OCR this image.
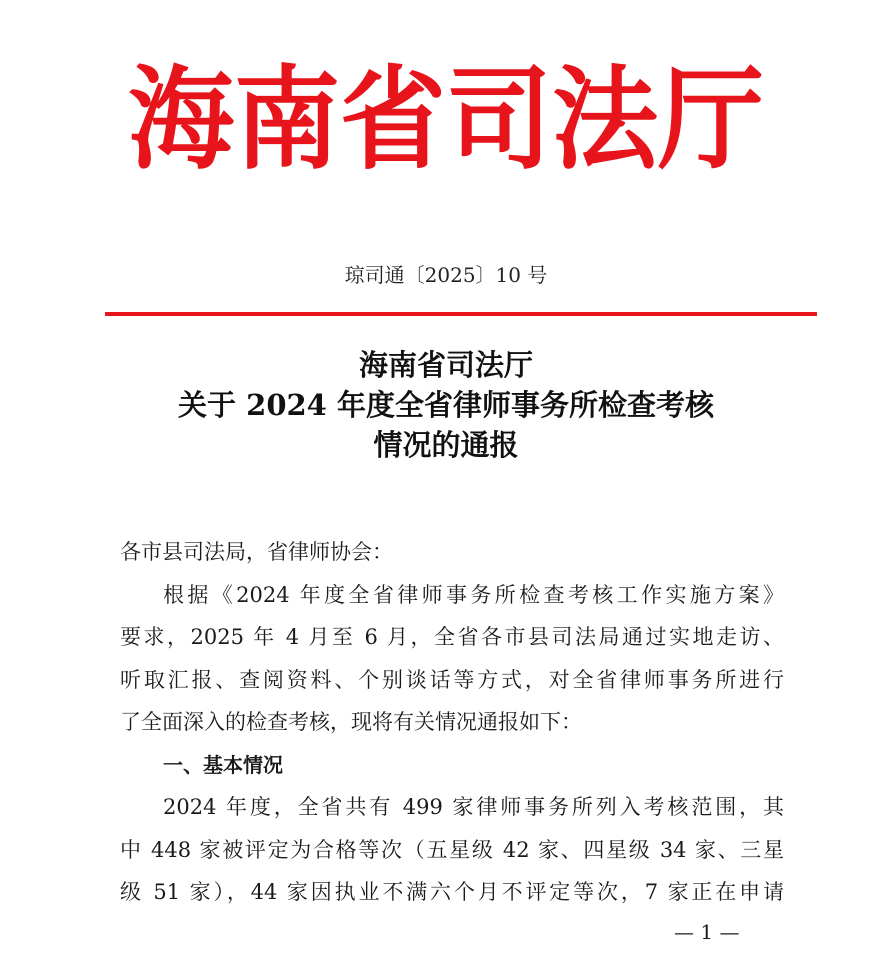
海南省司法厅
琼司通〔2025〕10 号
海南省司法厅
关于 2024 年度全省律师事务所检查考核
情况的通报
各市县司法局，省律师协会：
根据《2024 年度全省律师事务所检查考核工作实施方案》
要求，2025 年 4 月至 6 月，全省各市县司法局通过实地走访、
听取汇报、查阅资料、个别谈话等方式，对全省律师事务所进行
了全面深入的检查考核，现将有关情况通报如下：
一、基本情况
2024 年度，全省共有 499 家律师事务所列入考核范围，其
中 448 家被评定为合格等次（五星级 42 家、四星级 34 家、三星
级 51 家），44 家因执业不满六个月不评定等次，7 家正在申请
— 1 —
